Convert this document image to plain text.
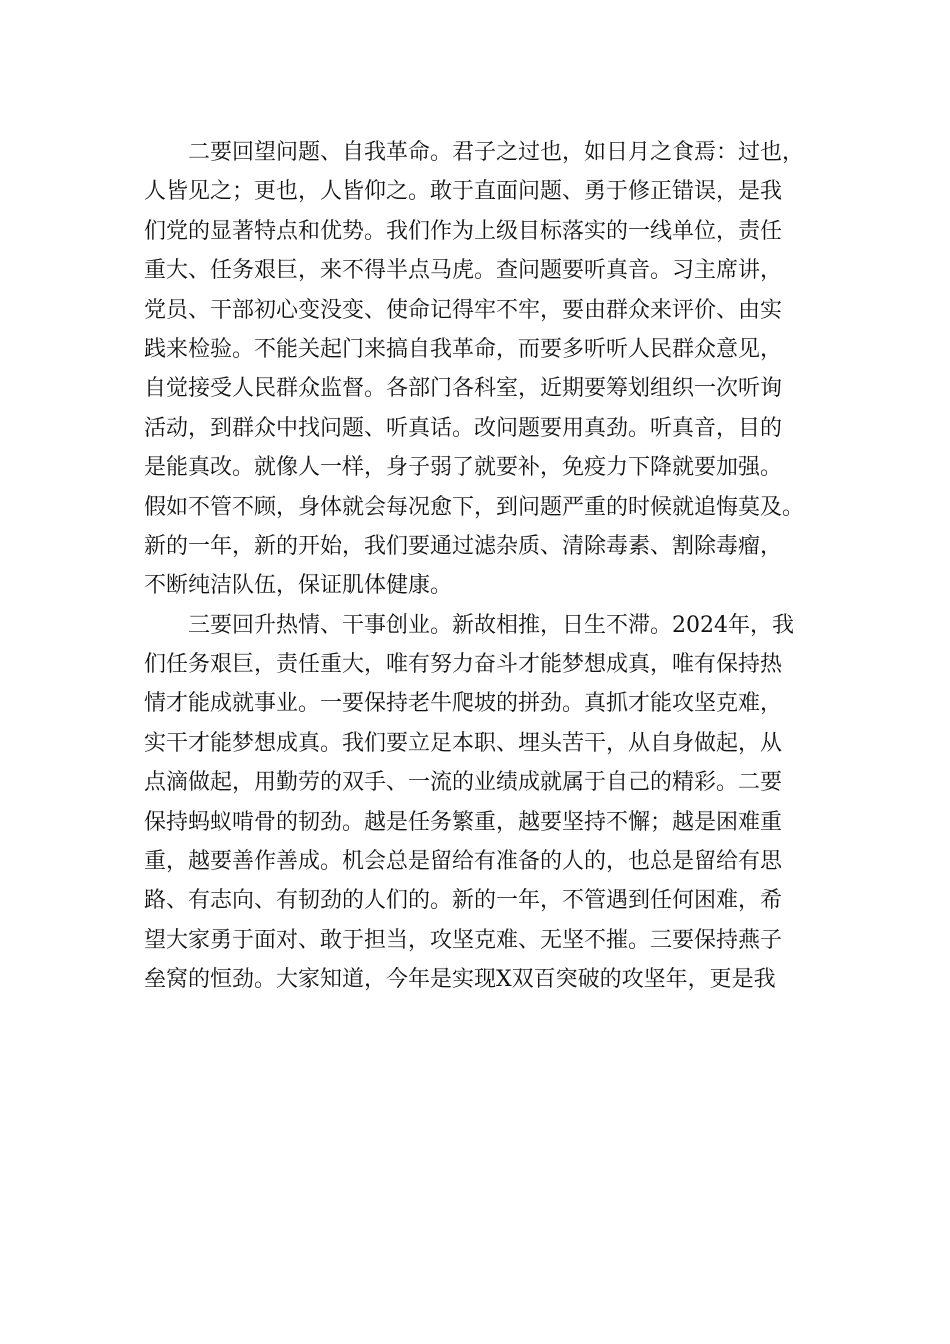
二要回望问题、自我革命。君子之过也，如日月之食焉：过也，
人皆见之；更也，人皆仰之。敢于直面问题、勇于修正错误，是我
们党的显著特点和优势。我们作为上级目标落实的一线单位，责任
重大、任务艰巨，来不得半点马虎。查问题要听真音。习主席讲，
党员、干部初心变没变、使命记得牢不牢，要由群众来评价、由实
践来检验。不能关起门来搞自我革命，而要多听听人民群众意见，
自觉接受人民群众监督。各部门各科室，近期要筹划组织一次听询
活动，到群众中找问题、听真话。改问题要用真劲。听真音，目的
是能真改。就像人一样，身子弱了就要补，免疫力下降就要加强。
假如不管不顾，身体就会每况愈下，到问题严重的时候就追悔莫及。
新的一年，新的开始，我们要通过滤杂质、清除毒素、割除毒瘤，
不断纯洁队伍，保证肌体健康。
三要回升热情、干事创业。新故相推，日生不滞。2024年，我
们任务艰巨，责任重大，唯有努力奋斗才能梦想成真，唯有保持热
情才能成就事业。一要保持老牛爬坡的拼劲。真抓才能攻坚克难，
实干才能梦想成真。我们要立足本职、埋头苦干，从自身做起，从
点滴做起，用勤劳的双手、一流的业绩成就属于自己的精彩。二要
保持蚂蚁啃骨的韧劲。越是任务繁重，越要坚持不懈；越是困难重
重，越要善作善成。机会总是留给有准备的人的，也总是留给有思
路、有志向、有韧劲的人们的。新的一年，不管遇到任何困难，希
望大家勇于面对、敢于担当，攻坚克难、无坚不摧。三要保持燕子
垒窝的恒劲。大家知道，今年是实现X双百突破的攻坚年，更是我
